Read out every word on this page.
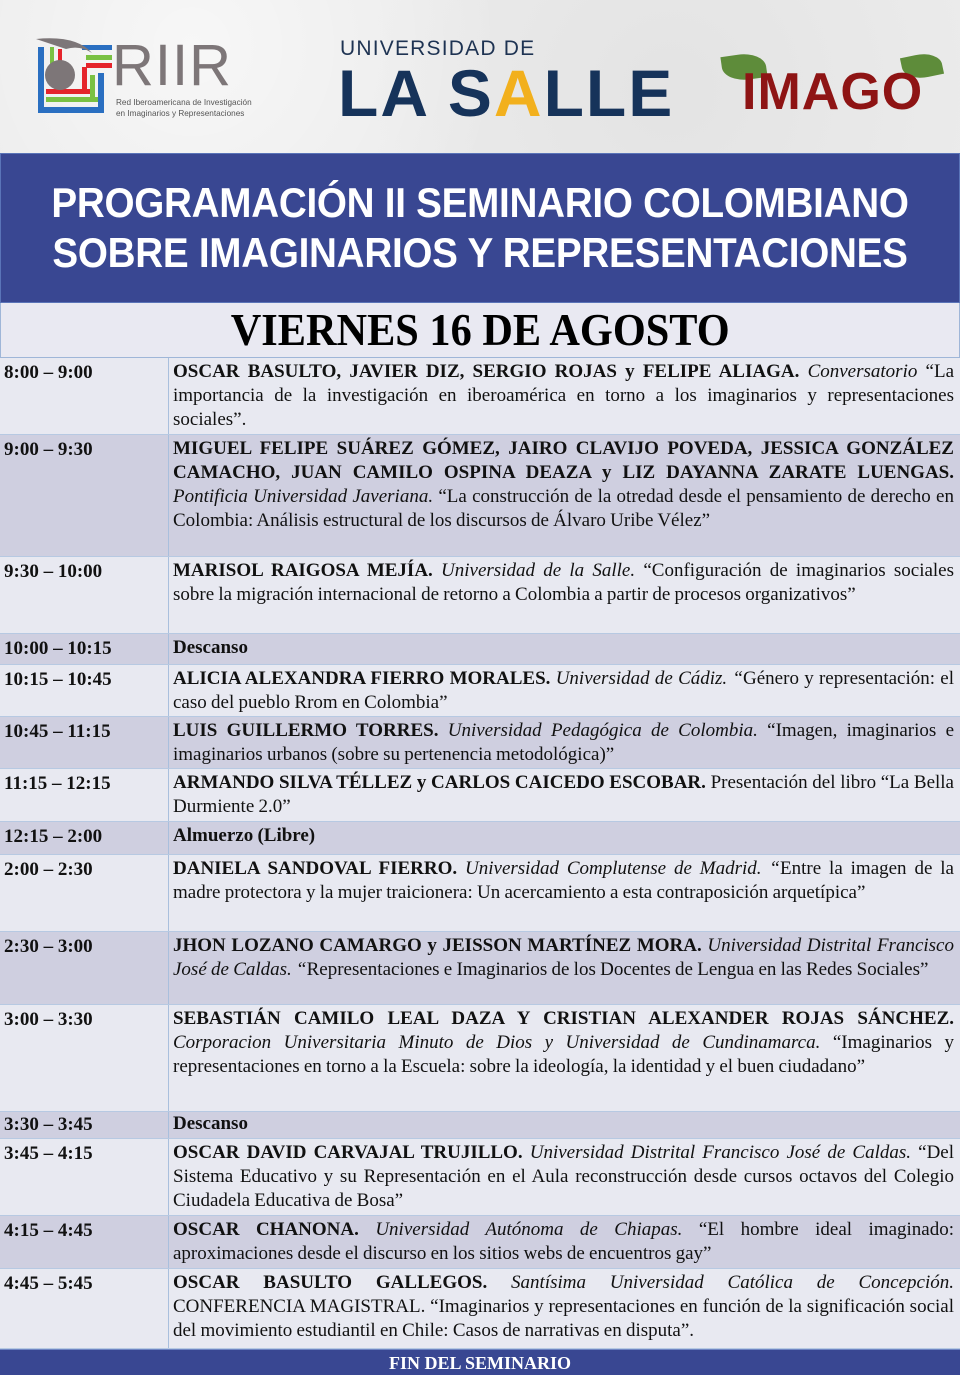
RIIR
Red Iberoamericana de Investigación
en Imaginarios y Representaciones
UNIVERSIDAD DE
LA SALLE IMAGO
PROGRAMACIÓN II SEMINARIO COLOMBIANO SOBRE IMAGINARIOS Y REPRESENTACIONES
VIERNES 16 DE AGOSTO
8:00 – 9:00	OSCAR BASULTO, JAVIER DIZ, SERGIO ROJAS y FELIPE ALIAGA. Conversatorio “La importancia de la investigación en iberoamérica en torno a los imaginarios y representaciones sociales”.
9:00 – 9:30	MIGUEL FELIPE SUÁREZ GÓMEZ, JAIRO CLAVIJO POVEDA, JESSICA GONZÁLEZ CAMACHO, JUAN CAMILO OSPINA DEAZA y LIZ DAYANNA ZARATE LUENGAS. Pontificia Universidad Javeriana. “La construcción de la otredad desde el pensamiento de derecho en Colombia: Análisis estructural de los discursos de Álvaro Uribe Vélez”
9:30 – 10:00	MARISOL RAIGOSA MEJÍA. Universidad de la Salle. “Configuración de imaginarios sociales sobre la migración internacional de retorno a Colombia a partir de procesos organizativos”
10:00 – 10:15	Descanso
10:15 – 10:45	ALICIA ALEXANDRA FIERRO MORALES. Universidad de Cádiz. “Género y representación: el caso del pueblo Rrom en Colombia”
10:45 – 11:15	LUIS GUILLERMO TORRES. Universidad Pedagógica de Colombia. “Imagen, imaginarios e imaginarios urbanos (sobre su pertenencia metodológica)”
11:15 – 12:15	ARMANDO SILVA TÉLLEZ y CARLOS CAICEDO ESCOBAR. Presentación del libro “La Bella Durmiente 2.0”
12:15 – 2:00	Almuerzo (Libre)
2:00 – 2:30	DANIELA SANDOVAL FIERRO. Universidad Complutense de Madrid. “Entre la imagen de la madre protectora y la mujer traicionera: Un acercamiento a esta contraposición arquetípica”
2:30 – 3:00	JHON LOZANO CAMARGO y JEISSON MARTÍNEZ MORA. Universidad Distrital Francisco José de Caldas. “Representaciones e Imaginarios de los Docentes de Lengua en las Redes Sociales”
3:00 – 3:30	SEBASTIÁN CAMILO LEAL DAZA Y CRISTIAN ALEXANDER ROJAS SÁNCHEZ. Corporacion Universitaria Minuto de Dios y Universidad de Cundinamarca. “Imaginarios y representaciones en torno a la Escuela: sobre la ideología, la identidad y el buen ciudadano”
3:30 – 3:45	Descanso
3:45 – 4:15	OSCAR DAVID CARVAJAL TRUJILLO. Universidad Distrital Francisco José de Caldas. “Del Sistema Educativo y su Representación en el Aula reconstrucción desde cursos octavos del Colegio Ciudadela Educativa de Bosa”
4:15 – 4:45	OSCAR CHANONA. Universidad Autónoma de Chiapas. “El hombre ideal imaginado: aproximaciones desde el discurso en los sitios webs de encuentros gay”
4:45 – 5:45	OSCAR BASULTO GALLEGOS. Santísima Universidad Católica de Concepción. CONFERENCIA MAGISTRAL. “Imaginarios y representaciones en función de la significación social del movimiento estudiantil en Chile: Casos de narrativas en disputa”.
FIN DEL SEMINARIO
